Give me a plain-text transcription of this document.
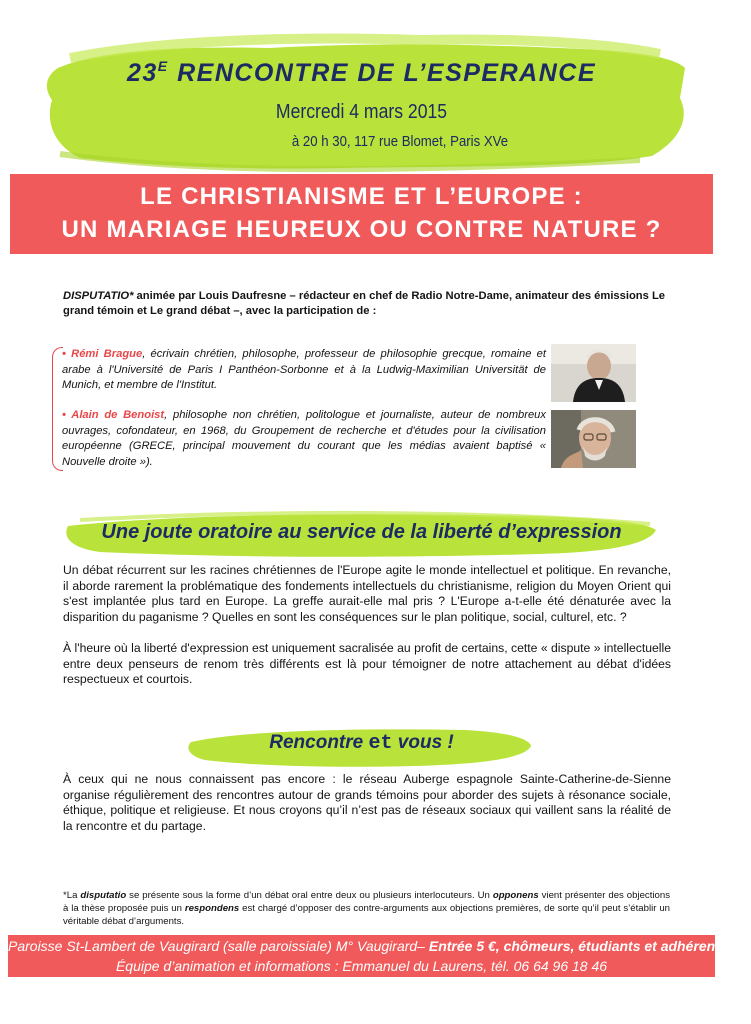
$23^E$ RENCONTRE DE L’ESPERANCE
Mercredi 4 mars 2015
à 20 h 30, 117 rue Blomet, Paris XVe
LE CHRISTIANISME ET L’EUROPE :
UN MARIAGE HEUREUX OU CONTRE NATURE ?
DISPUTATIO* animée par Louis Daufresne – rédacteur en chef de Radio Notre-Dame, animateur des émissions Le grand témoin et Le grand débat –, avec la participation de :
• Rémi Brague, écrivain chrétien, philosophe, professeur de philosophie grecque, romaine et arabe à l'Université de Paris I Panthéon-Sorbonne et à la Ludwig-Maximilian Universität de Munich, et membre de l'Institut.
• Alain de Benoist, philosophe non chrétien, politologue et journaliste, auteur de nombreux ouvrages, cofondateur, en 1968, du Groupement de recherche et d'études pour la civilisation européenne (GRECE, principal mouvement du courant que les médias avaient baptisé « Nouvelle droite »).
Une joute oratoire au service de la liberté d’expression
Un débat récurrent sur les racines chrétiennes de l'Europe agite le monde intellectuel et politique. En revanche, il aborde rarement la problématique des fondements intellectuels du christianisme, religion du Moyen Orient qui s'est implantée plus tard en Europe. La greffe aurait-elle mal pris ? L'Europe a-t-elle été dénaturée avec la disparition du paganisme ? Quelles en sont les conséquences sur le plan politique, social, culturel, etc. ?
À l'heure où la liberté d'expression est uniquement sacralisée au profit de certains, cette « dispute » intellectuelle entre deux penseurs de renom très différents est là pour témoigner de notre attachement au débat d'idées respectueux et courtois.
Rencontre et vous !
À ceux qui ne nous connaissent pas encore : le réseau Auberge espagnole Sainte-Catherine-de-Sienne organise régulièrement des rencontres autour de grands témoins pour aborder des sujets à résonance sociale, éthique, politique et religieuse. Et nous croyons qu’il n’est pas de réseaux sociaux qui vaillent sans la réalité de la rencontre et du partage.
*La disputatio se présente sous la forme d’un débat oral entre deux ou plusieurs interlocuteurs. Un opponens vient présenter des objections à la thèse proposée puis un respondens est chargé d’opposer des contre-arguments aux objections premières, de sorte qu’il peut s’établir un véritable débat d’arguments.
Paroisse St-Lambert de Vaugirard (salle paroissiale) M° Vaugirard– Entrée 5 €, chômeurs, étudiants et adhérents 3 €
Équipe d’animation et informations : Emmanuel du Laurens, tél. 06 64 96 18 46
